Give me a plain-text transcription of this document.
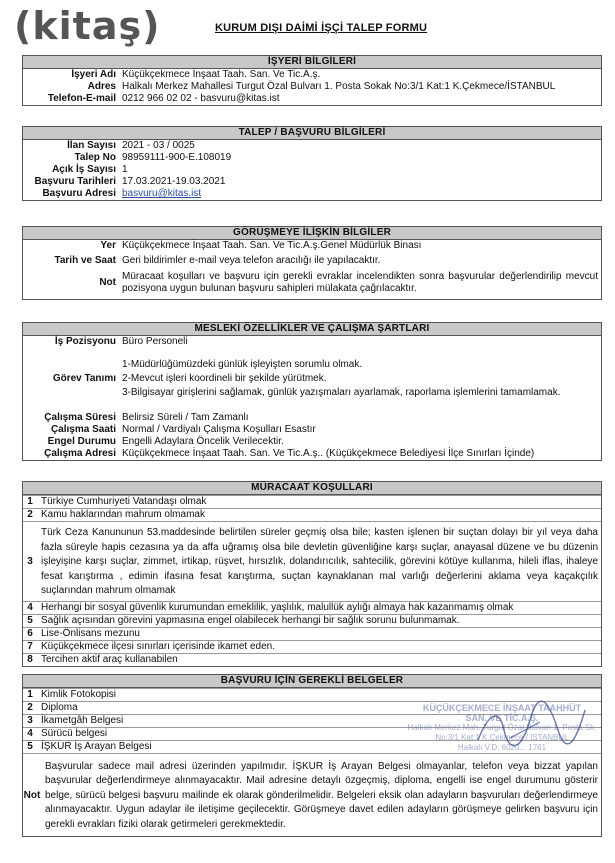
(kitaş)	KURUM DIŞI DAİMİ İŞÇİ TALEP FORMU
İŞYERİ BİLGİLERİ
İşyeri Adı Küçükçekmece İnşaat Taah. San. Ve Tic.A.ş.
Adres Halkalı Merkez Mahallesi Turgut Özal Bulvarı 1. Posta Sokak No:3/1 Kat:1 K.Çekmece/İSTANBUL
Telefon-E-mail 0212 966 02 02 - basvuru@kitas.ist
TALEP / BAŞVURU BİLGİLERİ
İlan Sayısı 2021 - 03 / 0025
Talep No 98959111-900-E.108019
Açık İş Sayısı 1
Başvuru Tarihleri 17.03.2021-19.03.2021
Başvuru Adresi basvuru@kitas.ist
GÖRÜŞMEYE İLİŞKİN BİLGİLER
Yer Küçükçekmece İnşaat Taah. San. Ve Tic.A.ş.Genel Müdürlük Binası
Tarih ve Saat Geri bildirimler e-mail veya telefon aracılığı ile yapılacaktır.
Not
Müracaat koşulları ve başvuru için gerekli evraklar incelendikten sonra başvurular değerlendirilip mevcut pozisyona uygun bulunan başvuru sahipleri mülakata çağrılacaktır.
MESLEKİ ÖZELLİKLER VE ÇALIŞMA ŞARTLARI
İş Pozisyonu Büro Personeli
Görev Tanımı
1-Müdürlüğümüzdeki günlük işleyişten sorumlu olmak.
2-Mevcut işleri koordineli bir şekilde yürütmek.
3-Bilgisayar girişlerini sağlamak, günlük yazışmaları ayarlamak, raporlama işlemlerini tamamlamak.
Çalışma Süresi Belirsiz Süreli / Tam Zamanlı
Çalışma Saati Normal / Vardiyalı Çalışma Koşulları Esastır
Engel Durumu Engelli Adaylara Öncelik Verilecektir.
Çalışma Adresi Küçükçekmece İnşaat Taah. San. Ve Tic.A.ş.. (Küçükçekmece Belediyesi İlçe Sınırları İçinde)
MÜRACAAT KOŞULLARI
1 Türkiye Cumhuriyeti Vatandaşı olmak
2 Kamu haklarından mahrum olmamak
3
Türk Ceza Kanununun 53.maddesinde belirtilen süreler geçmiş olsa bile; kasten işlenen bir suçtan dolayı bir yıl veya daha fazla süreyle hapis cezasına ya da affa uğramış olsa bile devletin güvenliğine karşı suçlar, anayasal düzene ve bu düzenin işleyişine karşı suçlar, zimmet, irtikap, rüşvet, hırsızlık, dolandırıcılık, sahtecilik, görevini kötüye kullanma, hileli iflas, ihaleye fesat karıştırma , edimin ifasına fesat karıştırma, suçtan kaynaklanan mal varlığı değerlerini aklama veya kaçakçılık suçlarından mahrum olmamak
4 Herhangi bir sosyal güvenlik kurumundan emeklilik, yaşlılık, malullük aylığı almaya hak kazanmamış olmak
5 Sağlık açısından görevini yapmasına engel olabilecek herhangi bir sağlık sorunu bulunmamak.
6 Lise-Önlisans mezunu
7 Küçükçekmece ilçesi sınırları içerisinde ikamet eden.
8 Tercihen aktif araç kullanabilen
BAŞVURU İÇİN GEREKLİ BELGELER
1 Kimlik Fotokopisi
2 Diploma
3 İkametgâh Belgesi
4 Sürücü belgesi
5 İŞKUR İş Arayan Belgesi
Not
Başvurular sadece mail adresi üzerinden yapılmıdır. İŞKUR İş Arayan Belgesi olmayanlar, telefon veya bizzat yapılan başvurular değerlendirmeye alınmayacaktır. Mail adresine detaylı özgeçmiş, diploma, engelli ise engel durumunu gösterir belge, sürücü belgesi başvuru mailinde ek olarak gönderilmelidir. Belgeleri eksik olan adayların başvuruları değerlendirmeye alınmayacaktır. Uygun adaylar ile iletişime geçilecektir. Görüşmeye davet edilen adayların görüşmeye gelirken başvuru için gerekli evrakları fiziki olarak getirmeleri gerekmektedir.
KÜÇÜKÇEKMECE İNŞAAT TAAHHÜT
SAN. VE TİC.A.Ş.
Halkalı Merkez Mah. Turgut Özal Bulvarı 1. Posta Sk.
No:3/1 Kat:1 K.Çekmece / İSTANBUL
Halkalı V.D. 6020... 1761
